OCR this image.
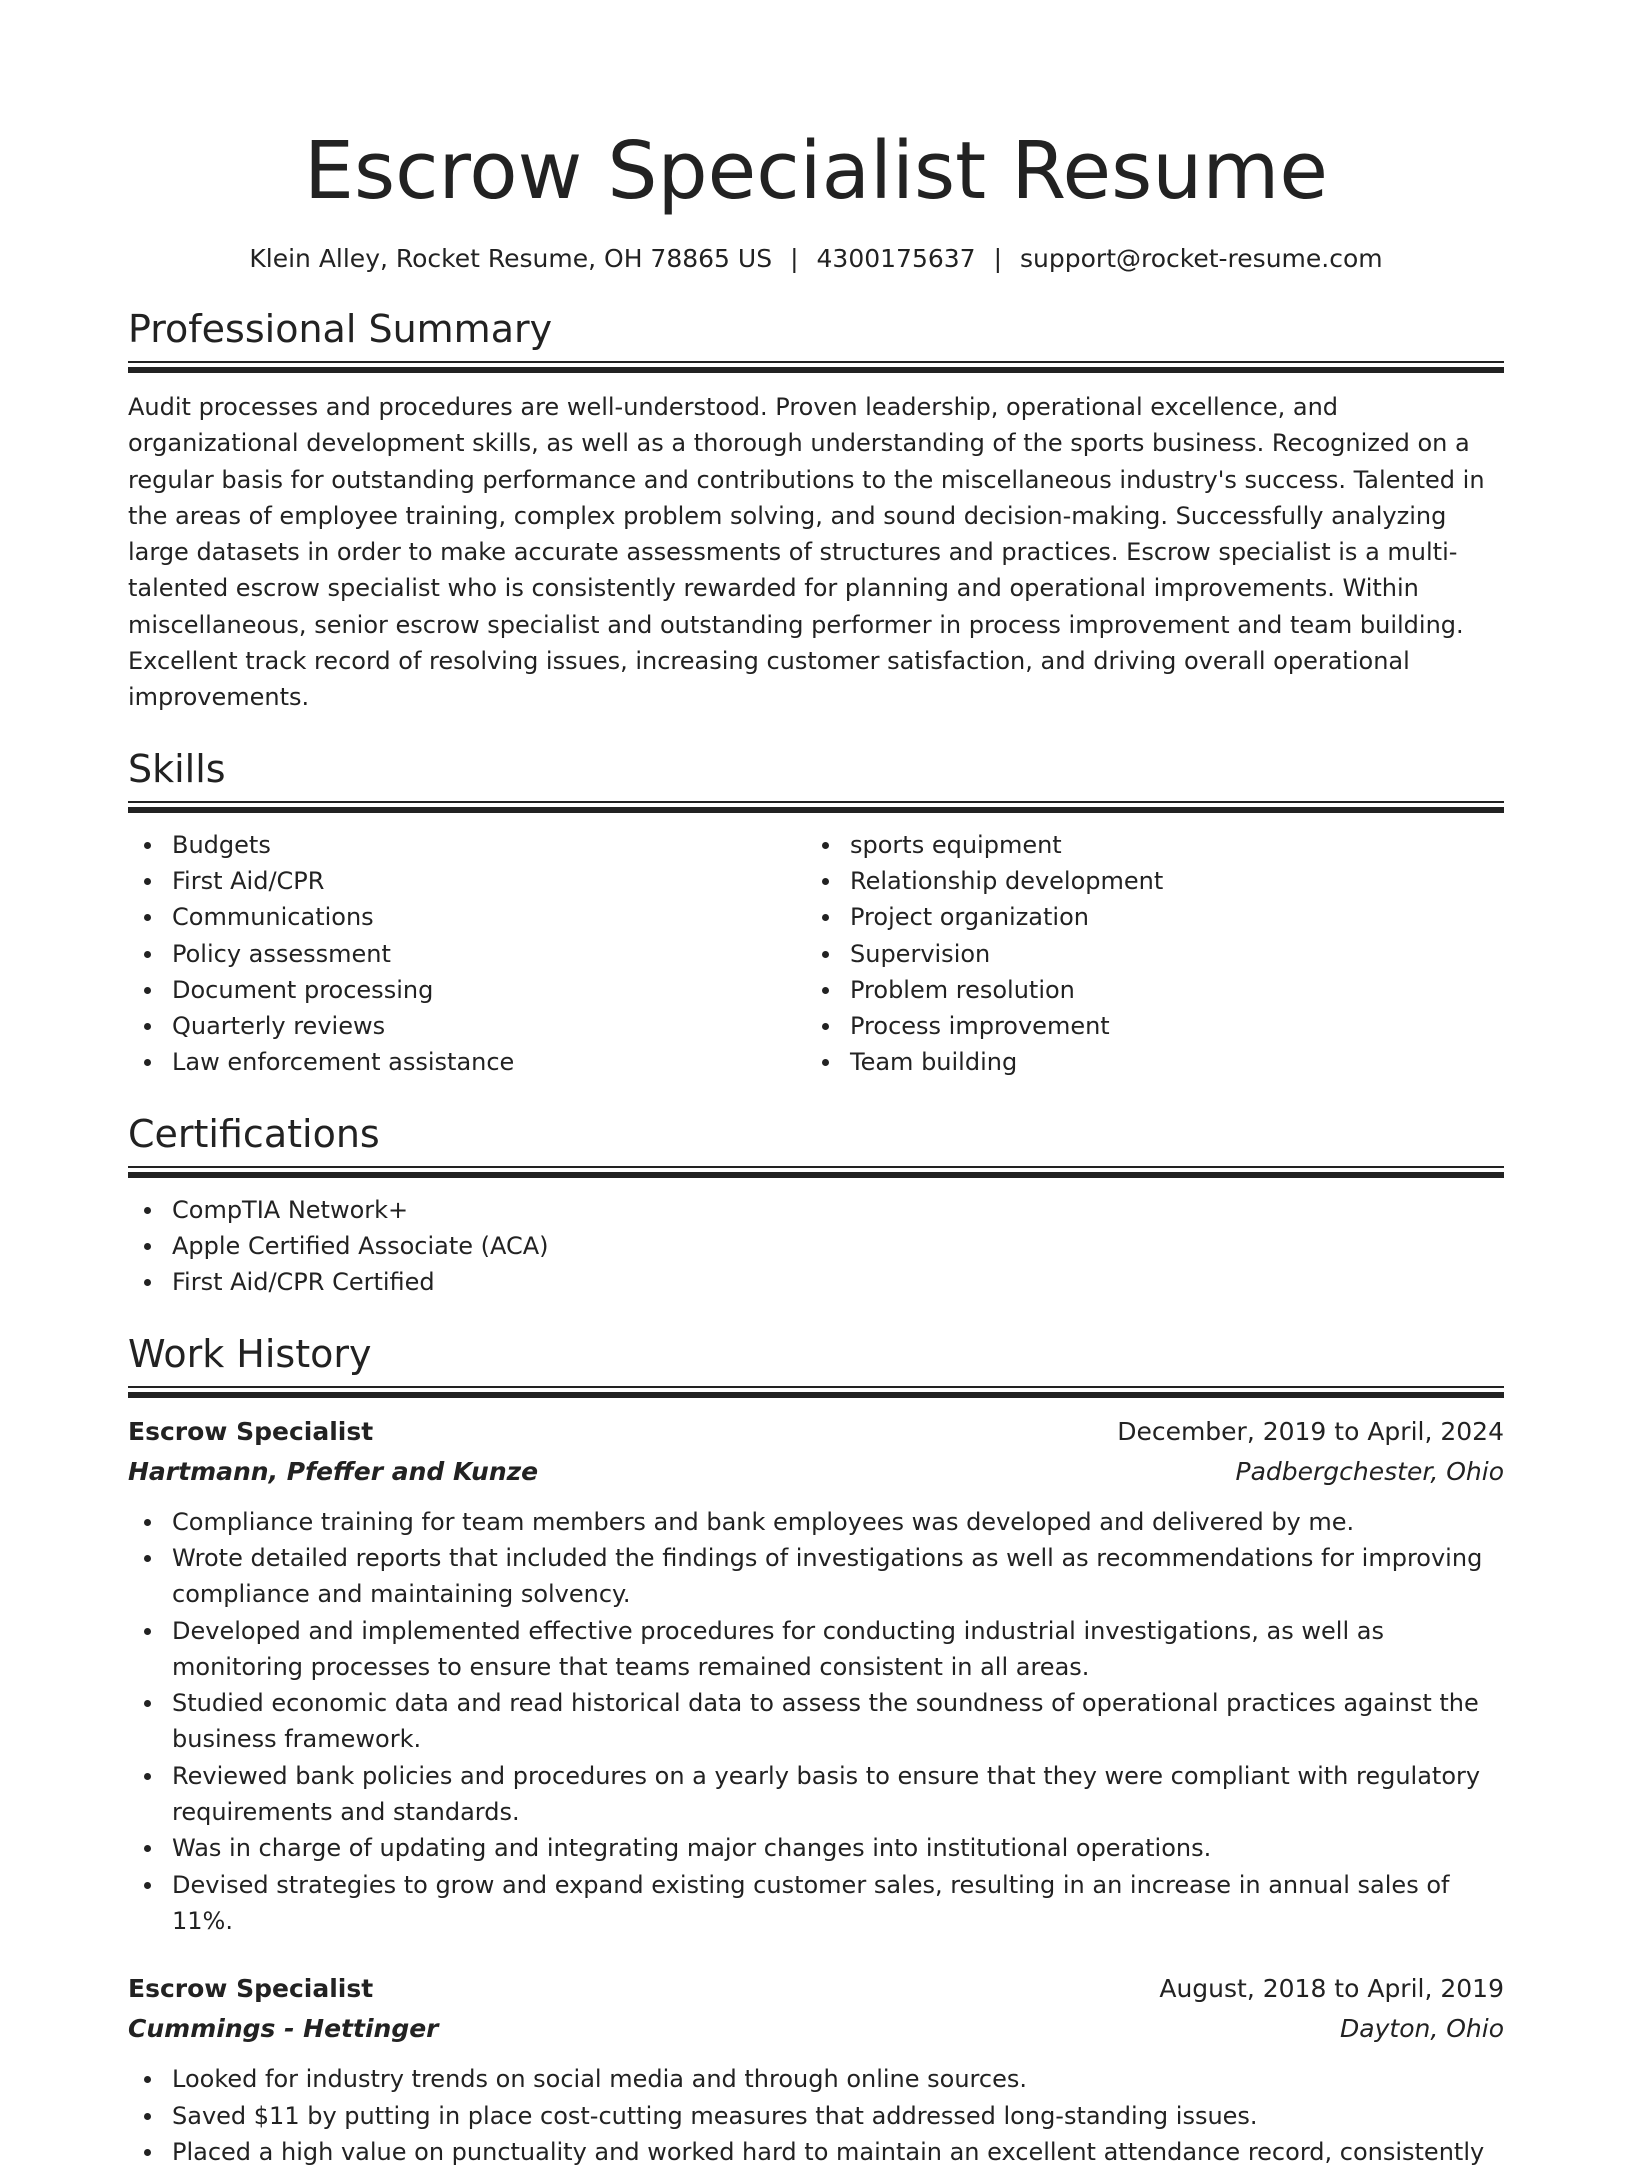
Escrow Specialist Resume
Klein Alley, Rocket Resume, OH 78865 US | 4300175637 | support@rocket-resume.com
Professional Summary

Audit processes and procedures are well-understood. Proven leadership, operational excellence, and organizational development skills, as well as a thorough understanding of the sports business. Recognized on a regular basis for outstanding performance and contributions to the miscellaneous industry's success. Talented in the areas of employee training, complex problem solving, and sound decision-making. Successfully analyzing large datasets in order to make accurate assessments of structures and practices. Escrow specialist is a multi-talented escrow specialist who is consistently rewarded for planning and operational improvements. Within miscellaneous, senior escrow specialist and outstanding performer in process improvement and team building. Excellent track record of resolving issues, increasing customer satisfaction, and driving overall operational improvements.

Skills
Budgets
First Aid/CPR
Communications
Policy assessment
Document processing
Quarterly reviews
Law enforcement assistance
sports equipment
Relationship development
Project organization
Supervision
Problem resolution
Process improvement
Team building
Certifications
CompTIA Network+
Apple Certified Associate (ACA)
First Aid/CPR Certified
Work History
Escrow Specialist	December, 2019 to April, 2024
Hartmann, Pfeffer and Kunze	Padbergchester, Ohio
Compliance training for team members and bank employees was developed and delivered by me.
Wrote detailed reports that included the findings of investigations as well as recommendations for improving compliance and maintaining solvency.
Developed and implemented effective procedures for conducting industrial investigations, as well as monitoring processes to ensure that teams remained consistent in all areas.
Studied economic data and read historical data to assess the soundness of operational practices against the business framework.
Reviewed bank policies and procedures on a yearly basis to ensure that they were compliant with regulatory requirements and standards.
Was in charge of updating and integrating major changes into institutional operations.
Devised strategies to grow and expand existing customer sales, resulting in an increase in annual sales of 11%.
Escrow Specialist	August, 2018 to April, 2019
Cummings - Hettinger	Dayton, Ohio
Looked for industry trends on social media and through online sources.
Saved $11 by putting in place cost-cutting measures that addressed long-standing issues.
Placed a high value on punctuality and worked hard to maintain an excellent attendance record, consistently
